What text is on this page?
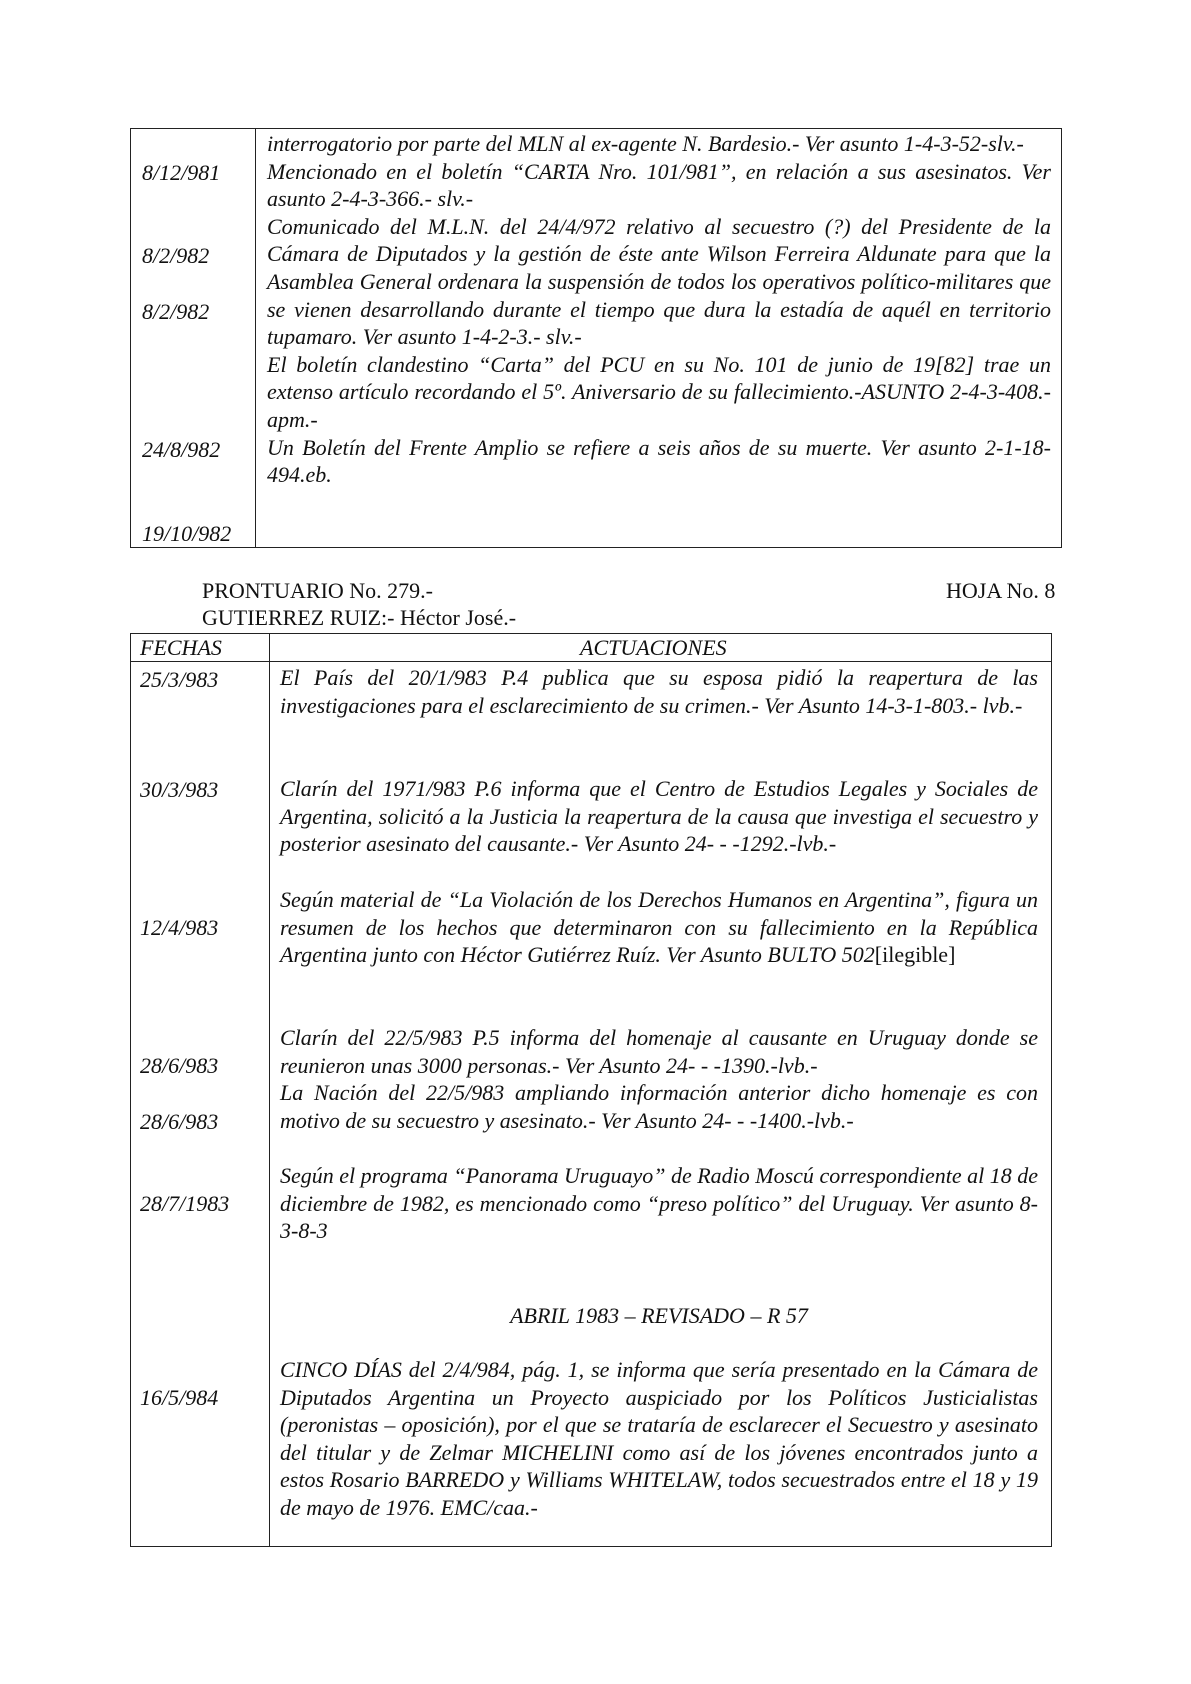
8/12/981
8/2/982
8/2/982
24/8/982
19/10/982

interrogatorio por parte del MLN al ex-agente N. Bardesio.- Ver asunto 1-4-3-52-slv.-

Mencionado en el boletín “CARTA Nro. 101/981”, en relación a sus asesinatos. Ver asunto 2-4-3-366.- slv.-

Comunicado del M.L.N. del 24/4/972 relativo al secuestro (?) del Presidente de la Cámara de Diputados y la gestión de éste ante Wilson Ferreira Aldunate para que la Asamblea General ordenara la suspensión de todos los operativos político-militares que se vienen desarrollando durante el tiempo que dura la estadía de aquél en territorio tupamaro. Ver asunto 1-4-2-3.- slv.-

El boletín clandestino “Carta” del PCU en su No. 101 de junio de 19[82] trae un extenso artículo recordando el 5º. Aniversario de su fallecimiento.-ASUNTO 2-4-3-408.-apm.-

Un Boletín del Frente Amplio se refiere a seis años de su muerte. Ver asunto 2-1-18-494.eb.

PRONTUARIO No. 279.-	HOJA No. 8
GUTIERREZ RUIZ:- Héctor José.-
FECHAS	ACTUACIONES
25/3/983
30/3/983
12/4/983
28/6/983
28/6/983
28/7/1983
16/5/984

El País del 20/1/983 P.4 publica que su esposa pidió la reapertura de las investigaciones para el esclarecimiento de su crimen.- Ver Asunto 14-3-1-803.- lvb.-

Clarín del 1971/983 P.6 informa que el Centro de Estudios Legales y Sociales de Argentina, solicitó a la Justicia la reapertura de la causa que investiga el secuestro y posterior asesinato del causante.- Ver Asunto 24- - -1292.-lvb.-

Según material de “La Violación de los Derechos Humanos en Argentina”, figura un resumen de los hechos que determinaron con su fallecimiento en la República Argentina junto con Héctor Gutiérrez Ruíz. Ver Asunto BULTO 502[ilegible]

Clarín del 22/5/983 P.5 informa del homenaje al causante en Uruguay donde se reunieron unas 3000 personas.- Ver Asunto 24- - -1390.-lvb.-

La Nación del 22/5/983 ampliando información anterior dicho homenaje es con motivo de su secuestro y asesinato.- Ver Asunto 24- - -1400.-lvb.-

Según el programa “Panorama Uruguayo” de Radio Moscú correspondiente al 18 de diciembre de 1982, es mencionado como “preso político” del Uruguay. Ver asunto 8-3-8-3

ABRIL 1983 – REVISADO – R 57

CINCO DÍAS del 2/4/984, pág. 1, se informa que sería presentado en la Cámara de Diputados Argentina un Proyecto auspiciado por los Políticos Justicialistas (peronistas – oposición), por el que se trataría de esclarecer el Secuestro y asesinato del titular y de Zelmar MICHELINI como así de los jóvenes encontrados junto a estos Rosario BARREDO y Williams WHITELAW, todos secuestrados entre el 18 y 19 de mayo de 1976. EMC/caa.-
